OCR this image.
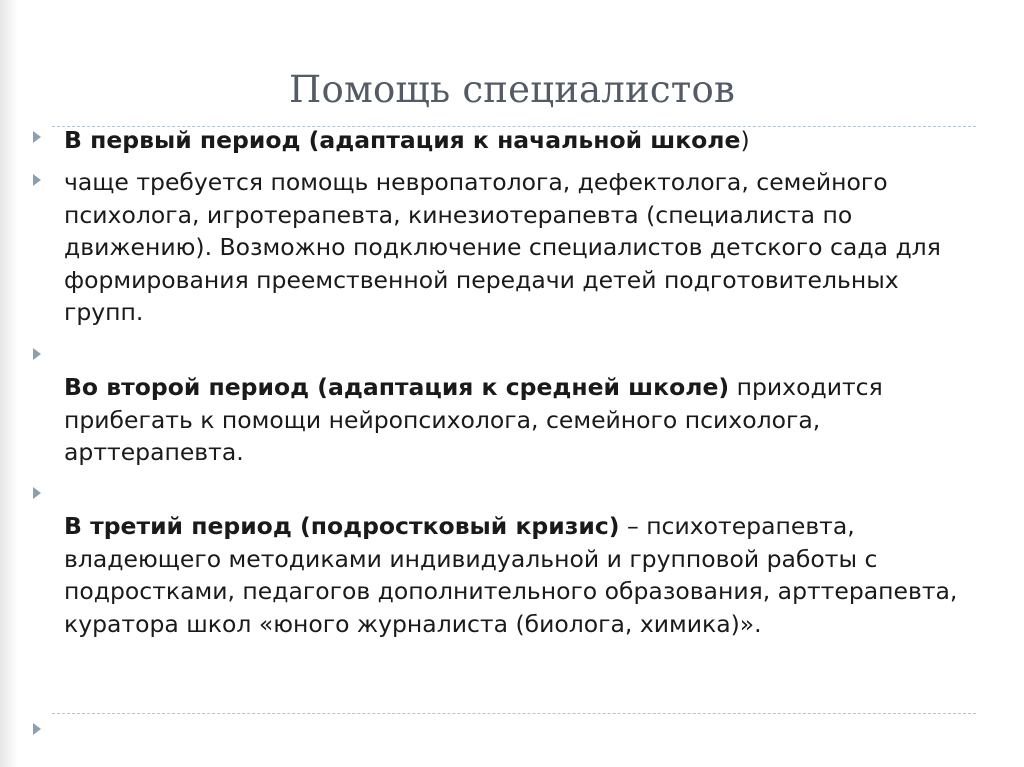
Помощь специалистов

В первый период (адаптация к начальной школе)

чаще требуется помощь невропатолога, дефектолога, семейного психолога, игротерапевта, кинезиотерапевта (специалиста по движению). Возможно подключение специалистов детского сада для формирования преемственной передачи детей подготовительных групп.

Во второй период (адаптация к средней школе) приходится прибегать к помощи нейропсихолога, семейного психолога, арттерапевта.

В третий период (подростковый кризис) – психотерапевта, владеющего методиками индивидуальной и групповой работы с подростками, педагогов дополнительного образования, арттерапевта, куратора школ «юного журналиста (биолога, химика)».
